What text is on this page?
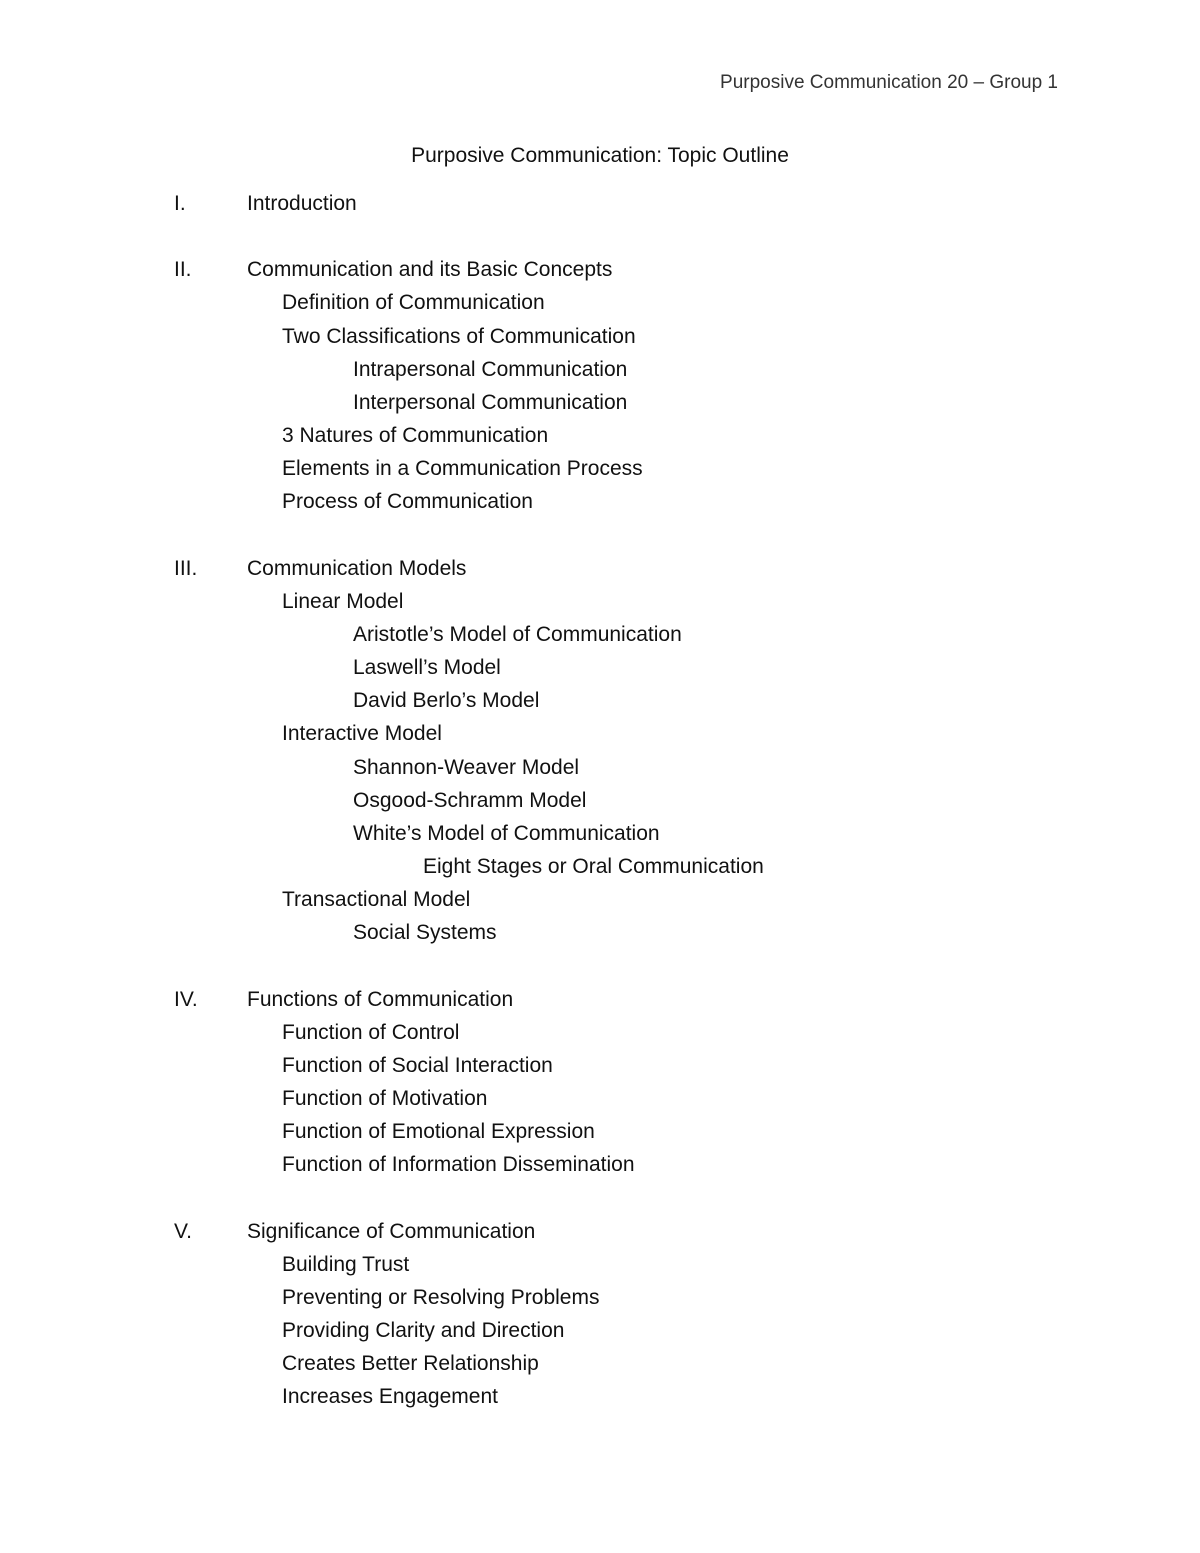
Purposive Communication 20 – Group 1
Purposive Communication: Topic Outline
I.	Introduction
II.	Communication and its Basic Concepts
Definition of Communication
Two Classifications of Communication
Intrapersonal Communication
Interpersonal Communication
3 Natures of Communication
Elements in a Communication Process
Process of Communication
III. Communication Models
Linear Model
Aristotle’s Model of Communication
Laswell’s Model
David Berlo’s Model
Interactive Model
Shannon-Weaver Model
Osgood-Schramm Model
White’s Model of Communication
Eight Stages or Oral Communication
Transactional Model
Social Systems
IV. Functions of Communication
Function of Control
Function of Social Interaction
Function of Motivation
Function of Emotional Expression
Function of Information Dissemination
V.	Significance of Communication
Building Trust
Preventing or Resolving Problems
Providing Clarity and Direction
Creates Better Relationship
Increases Engagement
